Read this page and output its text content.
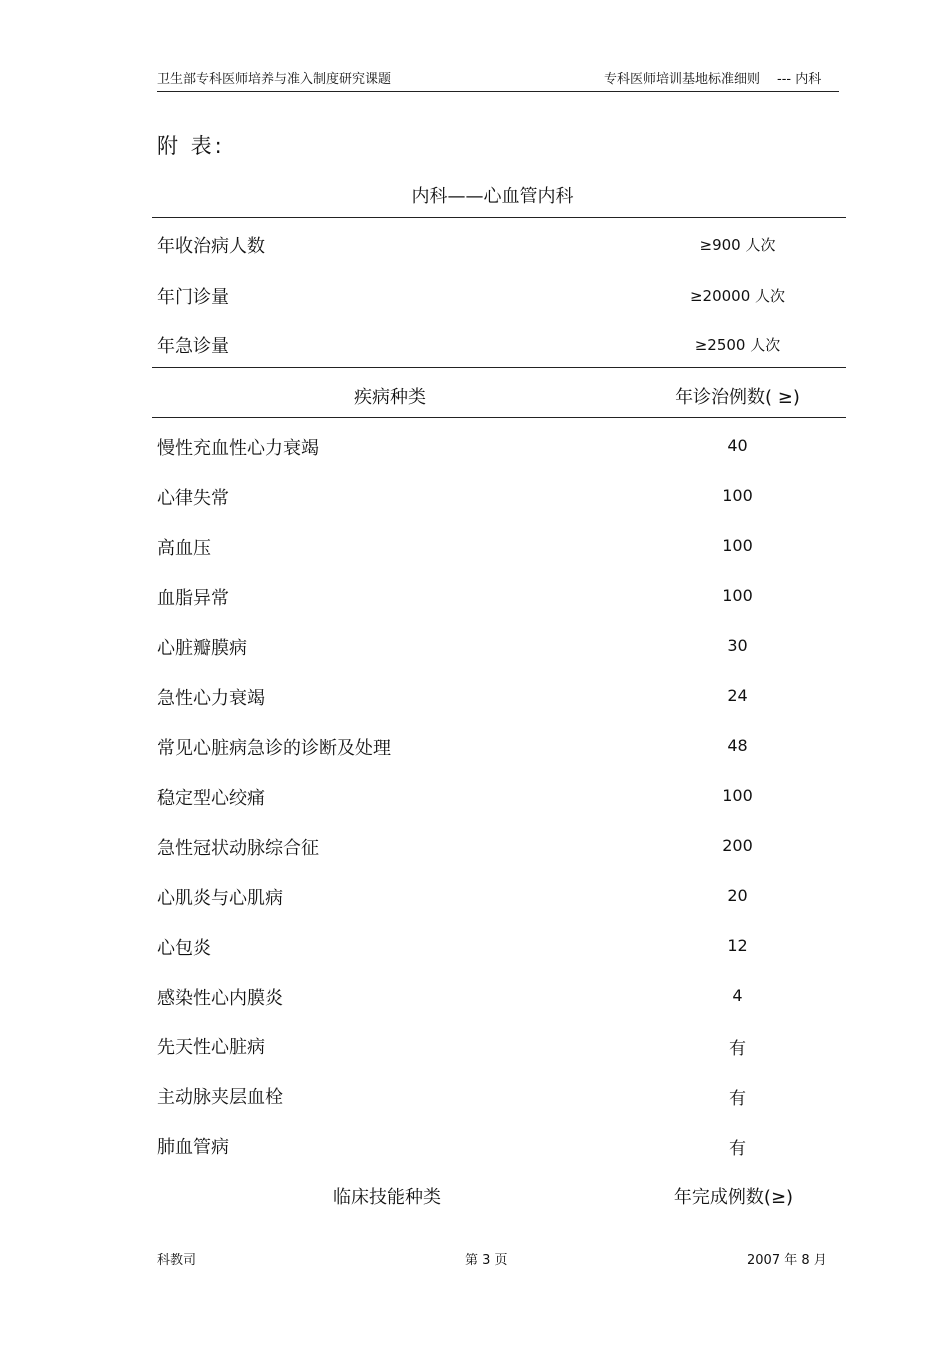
卫生部专科医师培养与准入制度研究课题	专科医师培训基地标准细则 --- 内科
附 表:
内科——心血管内科
年收治病人数	≥900 人次
年门诊量	≥20000 人次
年急诊量	≥2500 人次
疾病种类	年诊治例数( ≥)
慢性充血性心力衰竭	40
心律失常	100
高血压	100
血脂异常	100
心脏瓣膜病	30
急性心力衰竭	24
常见心脏病急诊的诊断及处理	48
稳定型心绞痛	100
急性冠状动脉综合征	200
心肌炎与心肌病	20
心包炎	12
感染性心内膜炎	4
先天性心脏病	有
主动脉夹层血栓	有
肺血管病	有
临床技能种类	年完成例数(≥)
科教司	第 3 页	2007 年 8 月
